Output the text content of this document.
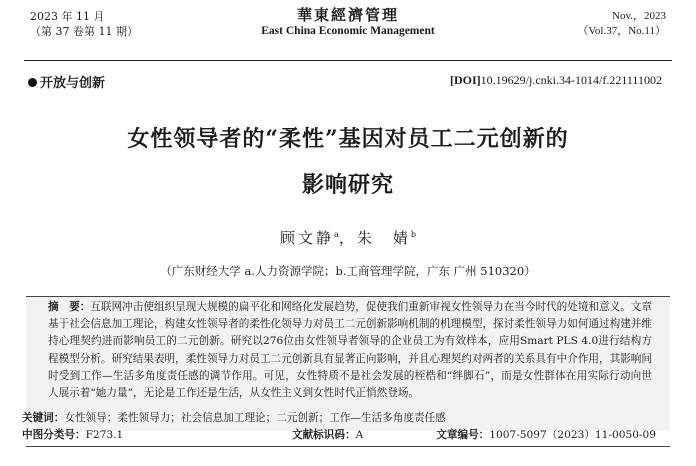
2023 年 11 月
（第 37 卷第 11 期）
華東經濟管理
East China Economic Management
Nov.，2023
（Vol.37，No.11）
开放与创新	[DOI]10.19629/j.cnki.34-1014/f.221111002
女性领导者的“柔性”基因对员工二元创新的
影响研究
顾文静$^a$，朱　婧$^b$
（广东财经大学 a.人力资源学院；b.工商管理学院，广东 广州 510320）
摘　要：互联网冲击使组织呈现大规模的扁平化和网络化发展趋势，促使我们重新审视女性领导力在当今时代的处境和意义。文章基于社会信息加工理论，构建女性领导者的柔性化领导力对员工二元创新影响机制的机理模型，探讨柔性领导力如何通过构建并维持心理契约进而影响员工的二元创新。研究以276位由女性领导者领导的企业员工为有效样本，应用Smart PLS 4.0进行结构方程模型分析。研究结果表明，柔性领导力对员工二元创新具有显著正向影响，并且心理契约对两者的关系具有中介作用，其影响间时受到工作—生活多角度责任感的调节作用。可见，女性特质不是社会发展的桎梏和“绊脚石”，而是女性群体在用实际行动向世人展示着“她力量”，无论是工作还是生活，从女性主义到女性时代正悄然登场。
关键词：女性领导；柔性领导力；社会信息加工理论；二元创新；工作—生活多角度责任感
中图分类号：F273.1	文献标识码：A	文章编号：1007-5097（2023）11-0050-09
